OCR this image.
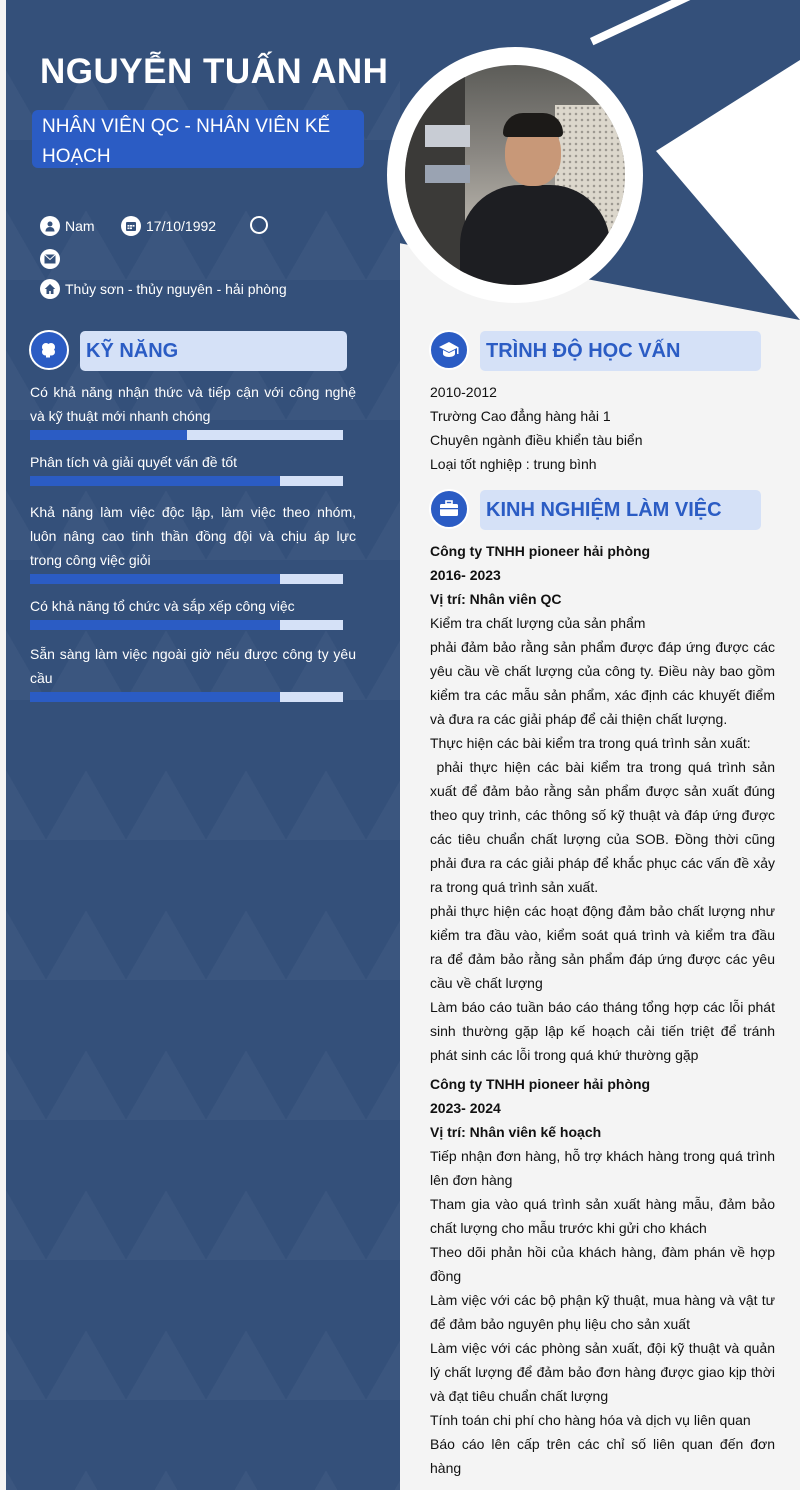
NGUYỄN TUẤN ANH
NHÂN VIÊN QC - NHÂN VIÊN KẾ HOẠCH
Nam	17/10/1992
Thủy sơn - thủy nguyên - hải phòng
KỸ NĂNG
Có khả năng nhận thức và tiếp cận với công nghệ và kỹ thuật mới nhanh chóng
Phân tích và giải quyết vấn đề tốt
Khả năng làm việc độc lập, làm việc theo nhóm, luôn nâng cao tinh thần đồng đội và chịu áp lực trong công việc giỏi
Có khả năng tổ chức và sắp xếp công việc
Sẵn sàng làm việc ngoài giờ nếu được công ty yêu cầu
TRÌNH ĐỘ HỌC VẤN
2010-2012
Trường Cao đẳng hàng hải 1
Chuyên ngành điều khiển tàu biển
Loại tốt nghiệp : trung bình
KINH NGHIỆM LÀM VIỆC

Công ty TNHH pioneer hải phòng

2016- 2023

Vị trí: Nhân viên QC

Kiểm tra chất lượng của sản phẩm

phải đảm bảo rằng sản phẩm được đáp ứng được các yêu cầu về chất lượng của công ty. Điều này bao gồm kiểm tra các mẫu sản phẩm, xác định các khuyết điểm và đưa ra các giải pháp để cải thiện chất lượng.

Thực hiện các bài kiểm tra trong quá trình sản xuất:

phải thực hiện các bài kiểm tra trong quá trình sản xuất để đảm bảo rằng sản phẩm được sản xuất đúng theo quy trình, các thông số kỹ thuật và đáp ứng được các tiêu chuẩn chất lượng của SOB. Đồng thời cũng phải đưa ra các giải pháp để khắc phục các vấn đề xảy ra trong quá trình sản xuất.

phải thực hiện các hoạt động đảm bảo chất lượng như kiểm tra đầu vào, kiểm soát quá trình và kiểm tra đầu ra để đảm bảo rằng sản phẩm đáp ứng được các yêu cầu về chất lượng

Làm báo cáo tuần báo cáo tháng tổng hợp các lỗi phát sinh thường gặp lập kế hoạch cải tiến triệt để tránh phát sinh các lỗi trong quá khứ thường gặp

Công ty TNHH pioneer hải phòng

2023- 2024

Vị trí: Nhân viên kế hoạch

Tiếp nhận đơn hàng, hỗ trợ khách hàng trong quá trình lên đơn hàng

Tham gia vào quá trình sản xuất hàng mẫu, đảm bảo chất lượng cho mẫu trước khi gửi cho khách

Theo dõi phản hồi của khách hàng, đàm phán về hợp đồng

Làm việc với các bộ phận kỹ thuật, mua hàng và vật tư để đảm bảo nguyên phụ liệu cho sản xuất

Làm việc với các phòng sản xuất, đội kỹ thuật và quản lý chất lượng để đảm bảo đơn hàng được giao kịp thời và đạt tiêu chuẩn chất lượng

Tính toán chi phí cho hàng hóa và dịch vụ liên quan

Báo cáo lên cấp trên các chỉ số liên quan đến đơn hàng
